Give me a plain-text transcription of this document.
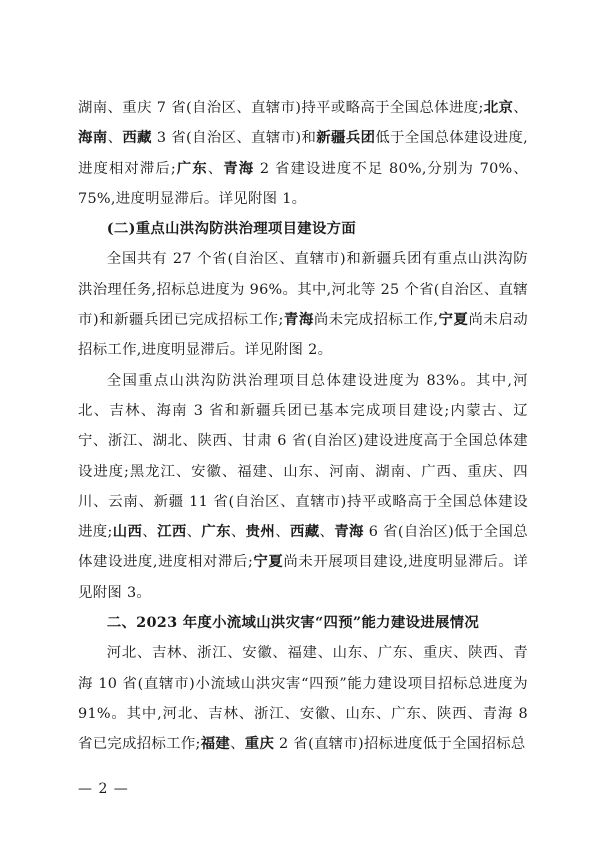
湖南、重庆 7 省(自治区、直辖市)持平或略高于全国总体进度;北京、海南、西藏 3 省(自治区、直辖市)和新疆兵团低于全国总体建设进度,进度相对滞后;广东、青海 2 省建设进度不足 80%,分别为 70%、75%,进度明显滞后。详见附图 1。

(二)重点山洪沟防洪治理项目建设方面

全国共有 27 个省(自治区、直辖市)和新疆兵团有重点山洪沟防洪治理任务,招标总进度为 96%。其中,河北等 25 个省(自治区、直辖市)和新疆兵团已完成招标工作;青海尚未完成招标工作,宁夏尚未启动招标工作,进度明显滞后。详见附图 2。

全国重点山洪沟防洪治理项目总体建设进度为 83%。其中,河北、吉林、海南 3 省和新疆兵团已基本完成项目建设;内蒙古、辽宁、浙江、湖北、陕西、甘肃 6 省(自治区)建设进度高于全国总体建设进度;黑龙江、安徽、福建、山东、河南、湖南、广西、重庆、四川、云南、新疆 11 省(自治区、直辖市)持平或略高于全国总体建设进度;山西、江西、广东、贵州、西藏、青海 6 省(自治区)低于全国总体建设进度,进度相对滞后;宁夏尚未开展项目建设,进度明显滞后。详见附图 3。

二、2023 年度小流域山洪灾害“四预”能力建设进展情况

河北、吉林、浙江、安徽、福建、山东、广东、重庆、陕西、青海 10 省(直辖市)小流域山洪灾害“四预”能力建设项目招标总进度为 91%。其中,河北、吉林、浙江、安徽、山东、广东、陕西、青海 8 省已完成招标工作;福建、重庆 2 省(直辖市)招标进度低于全国招标总

— 2 —
